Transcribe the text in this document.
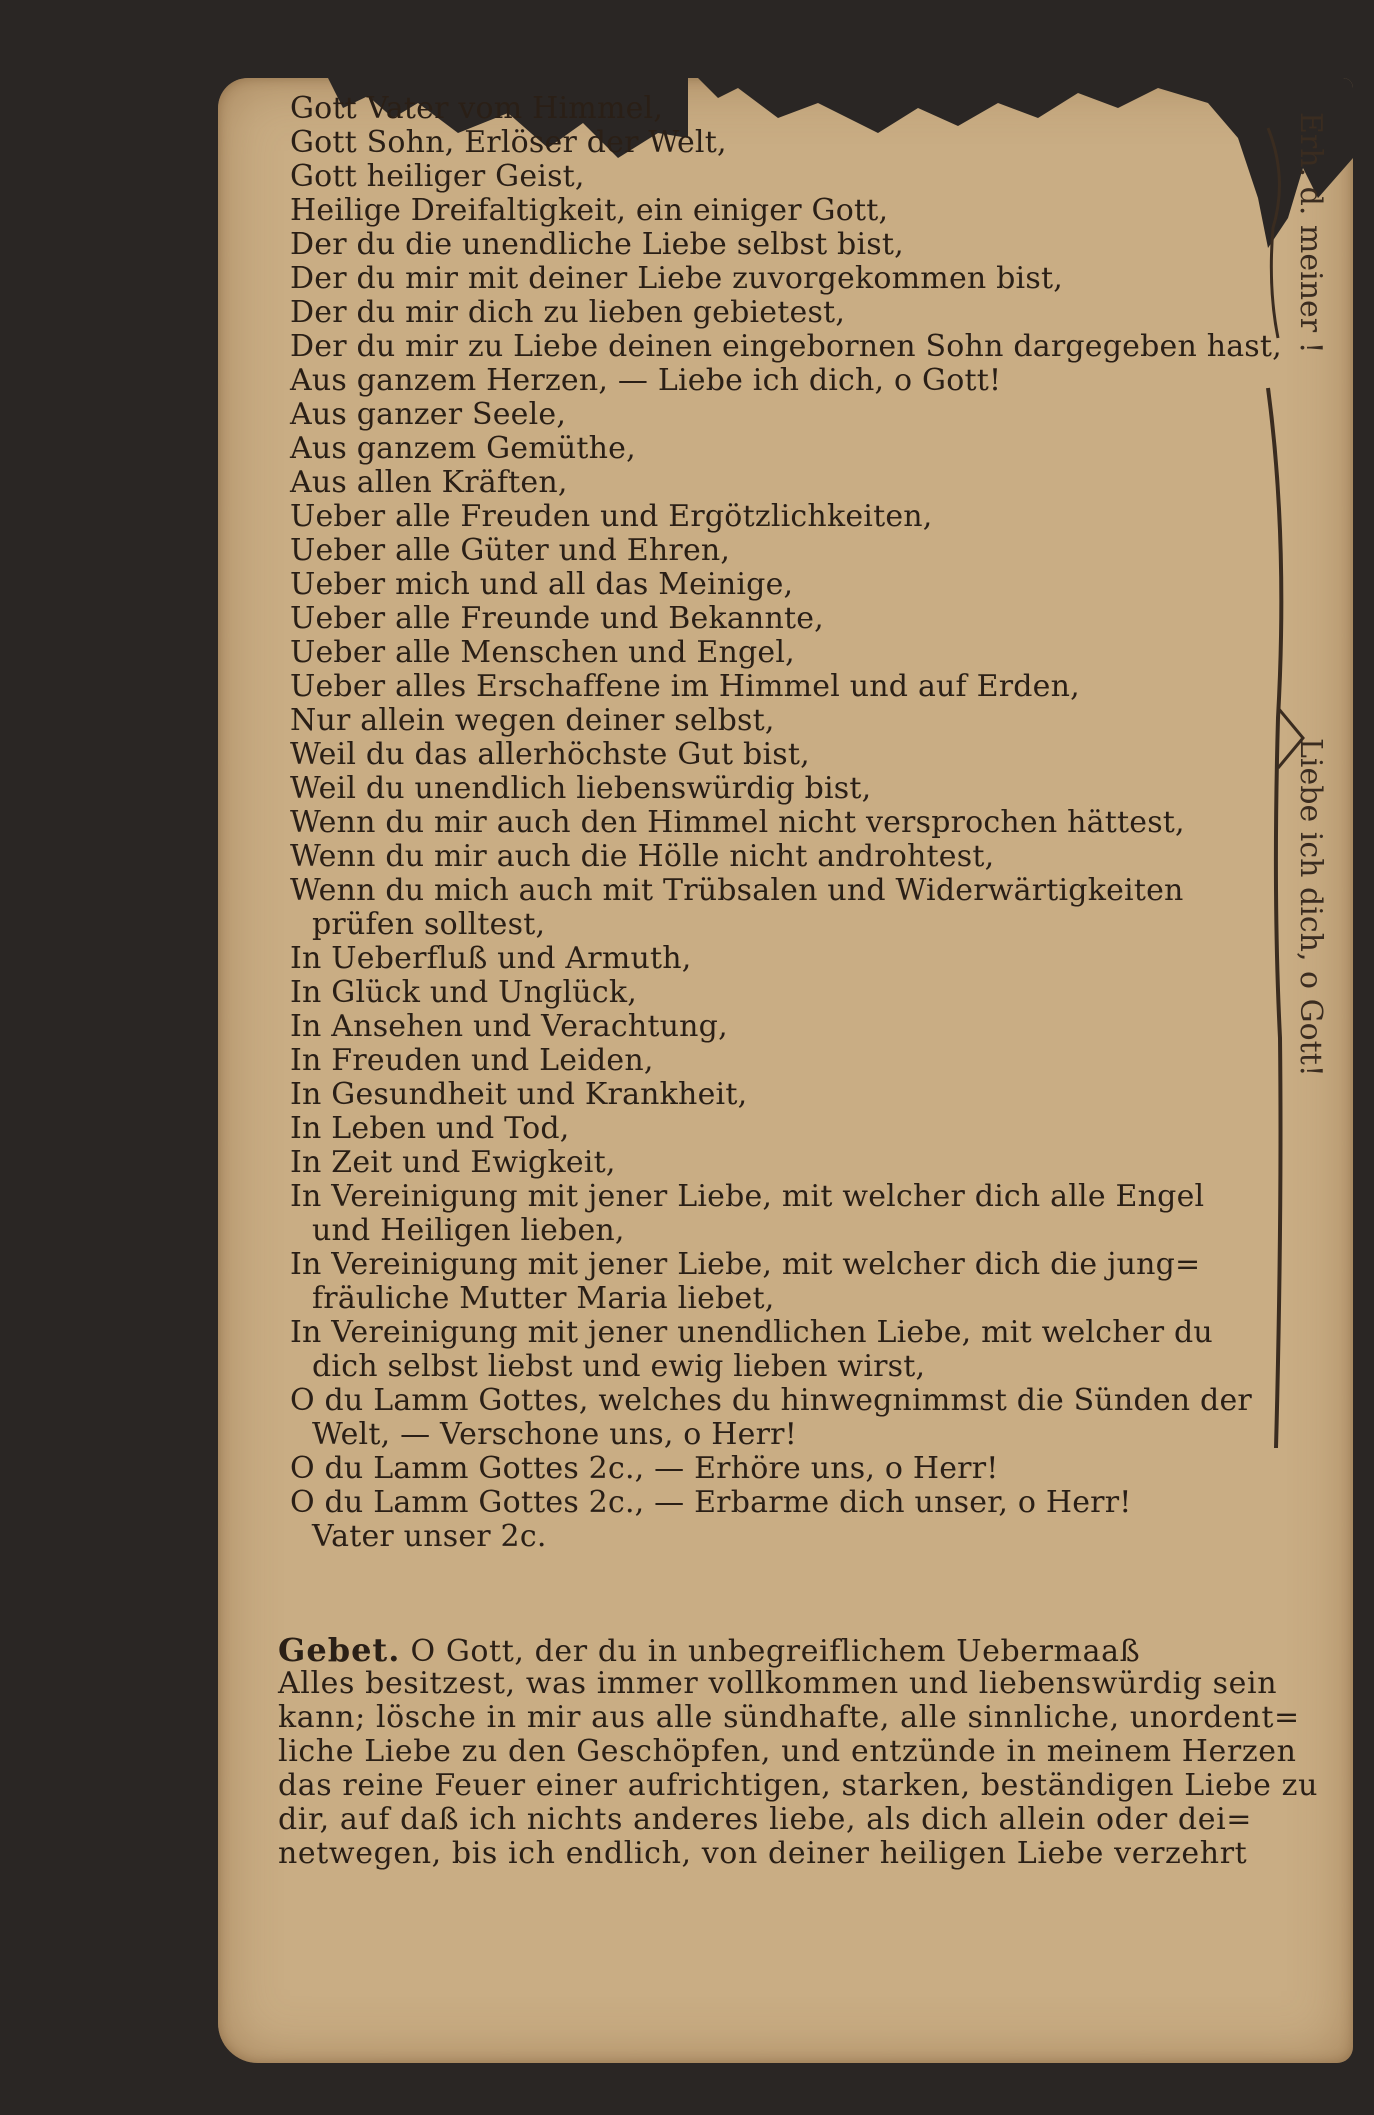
Gott Vater vom Himmel,
Gott Sohn, Erlöser der Welt,
Gott heiliger Geist,
Heilige Dreifaltigkeit, ein einiger Gott,
Der du die unendliche Liebe selbst bist,
Der du mir mit deiner Liebe zuvorgekommen bist,
Der du mir dich zu lieben gebietest,
Der du mir zu Liebe deinen eingebornen Sohn dargegeben hast,
Aus ganzem Herzen, — Liebe ich dich, o Gott!
Aus ganzer Seele,
Aus ganzem Gemüthe,
Aus allen Kräften,
Ueber alle Freuden und Ergötzlichkeiten,
Ueber alle Güter und Ehren,
Ueber mich und all das Meinige,
Ueber alle Freunde und Bekannte,
Ueber alle Menschen und Engel,
Ueber alles Erschaffene im Himmel und auf Erden,
Nur allein wegen deiner selbst,
Weil du das allerhöchste Gut bist,
Weil du unendlich liebenswürdig bist,
Wenn du mir auch den Himmel nicht versprochen hättest,
Wenn du mir auch die Hölle nicht androhtest,
Wenn du mich auch mit Trübsalen und Widerwärtigkeiten
prüfen solltest,
In Ueberfluß und Armuth,
In Glück und Unglück,
In Ansehen und Verachtung,
In Freuden und Leiden,
In Gesundheit und Krankheit,
In Leben und Tod,
In Zeit und Ewigkeit,
In Vereinigung mit jener Liebe, mit welcher dich alle Engel
und Heiligen lieben,
In Vereinigung mit jener Liebe, mit welcher dich die jung=
fräuliche Mutter Maria liebet,
In Vereinigung mit jener unendlichen Liebe, mit welcher du
dich selbst liebst und ewig lieben wirst,
O du Lamm Gottes, welches du hinwegnimmst die Sünden der
Welt, — Verschone uns, o Herr!
O du Lamm Gottes 2c., — Erhöre uns, o Herr!
O du Lamm Gottes 2c., — Erbarme dich unser, o Herr!
Vater unser 2c.
Gebet. O Gott, der du in unbegreiflichem Uebermaaß
Alles besitzest, was immer vollkommen und liebenswürdig sein
kann; lösche in mir aus alle sündhafte, alle sinnliche, unordent=
liche Liebe zu den Geschöpfen, und entzünde in meinem Herzen
das reine Feuer einer aufrichtigen, starken, beständigen Liebe zu
dir, auf daß ich nichts anderes liebe, als dich allein oder dei=
netwegen, bis ich endlich, von deiner heiligen Liebe verzehrt
Erh. d. meiner !
Liebe ich dich, o Gott!
